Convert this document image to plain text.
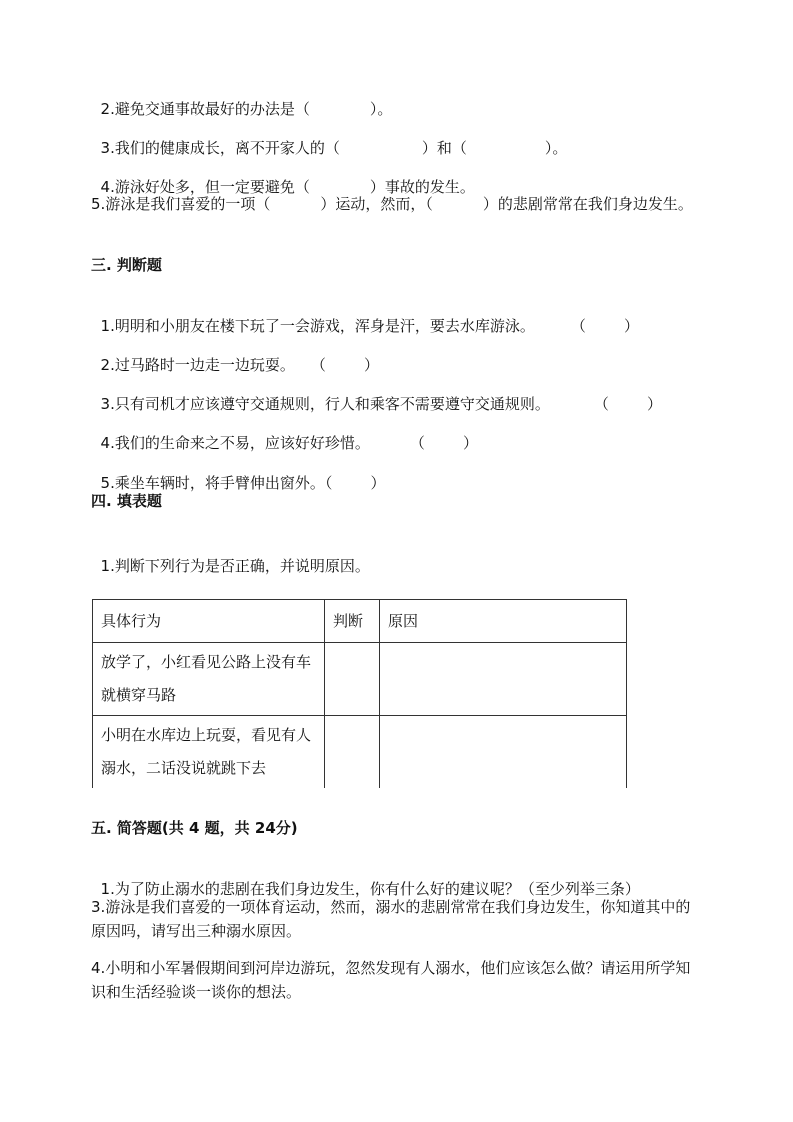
2.避免交通事故最好的办法是（	）。

3.我们的健康成长，离不开家人的（	）和（	）。

4.游泳好处多，但一定要避免（	）事故的发生。

5.游泳是我们喜爱的一项（	）运动，然而，（	）的悲剧常常在我们身边发生。
三. 判断题

1.明明和小朋友在楼下玩了一会游戏，浑身是汗，要去水库游泳。 （        ）

2.过马路时一边走一边玩耍。 （        ）

3.只有司机才应该遵守交通规则，行人和乘客不需要遵守交通规则。	（        ）

4.我们的生命来之不易，应该好好珍惜。	（        ）

5.乘坐车辆时，将手臂伸出窗外。（        ）

四. 填表题

1.判断下列行为是否正确，并说明原因。

具体行为	判断	原因
放学了，小红看见公路上没有车就横穿马路		
小明在水库边上玩耍，看见有人溺水，二话没说就跳下去		
五. 简答题(共 4 题，共 24分)

1.为了防止溺水的悲剧在我们身边发生，你有什么好的建议呢？（至少列举三条）

3.游泳是我们喜爱的一项体育运动，然而，溺水的悲剧常常在我们身边发生，你知道其中的原因吗，请写出三种溺水原因。
4.小明和小军暑假期间到河岸边游玩，忽然发现有人溺水，他们应该怎么做？请运用所学知识和生活经验谈一谈你的想法。
